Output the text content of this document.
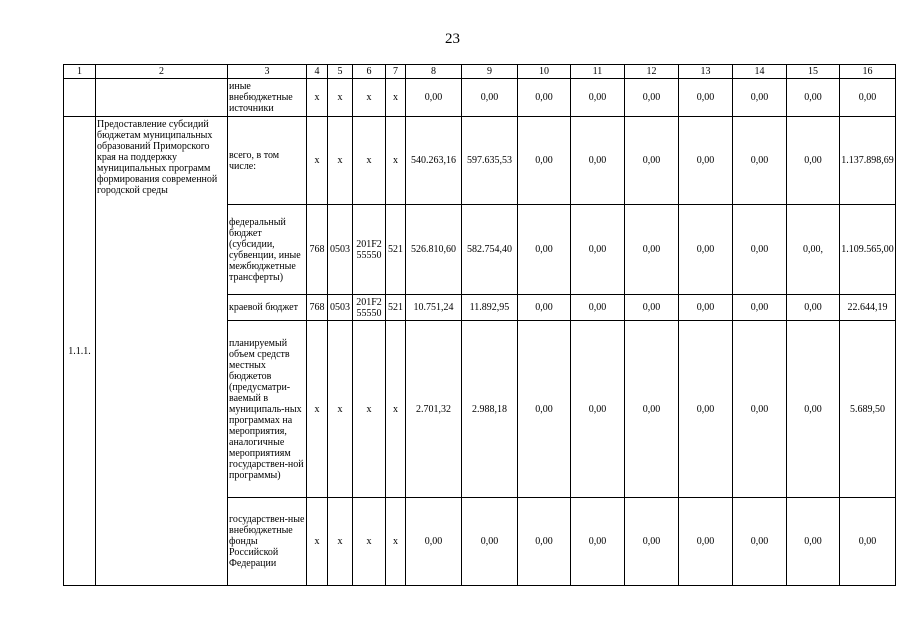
23
1	2	3	4	5	6	7	8	9	10	11	12	13	14	15	16
		иные внебюджетные источники	x	x	x	x	0,00	0,00	0,00	0,00	0,00	0,00	0,00	0,00	0,00
1.1.1.	Предоставление субсидий бюджетам муниципальных образований Приморского края на поддержку муниципальных программ формирования современной городской среды	всего, в том числе:	x	x	x	x	540.263,16	597.635,53	0,00	0,00	0,00	0,00	0,00	0,00	1.137.898,69
		федеральный бюджет (субсидии, субвенции, иные межбюджетные трансферты)	768	0503	201F2 55550	521	526.810,60	582.754,40	0,00	0,00	0,00	0,00	0,00	0,00,	1.109.565,00
		краевой бюджет	768	0503	201F2 55550	521	10.751,24	11.892,95	0,00	0,00	0,00	0,00	0,00	0,00	22.644,19
		планируемый объем средств местных бюджетов (предусматри-ваемый в муниципаль-ных программах на мероприятия, аналогичные мероприятиям государствен-ной программы)	x	x	x	x	2.701,32	2.988,18	0,00	0,00	0,00	0,00	0,00	0,00	5.689,50
		государствен-ные внебюджетные фонды Российской Федерации	x	x	x	x	0,00	0,00	0,00	0,00	0,00	0,00	0,00	0,00	0,00
